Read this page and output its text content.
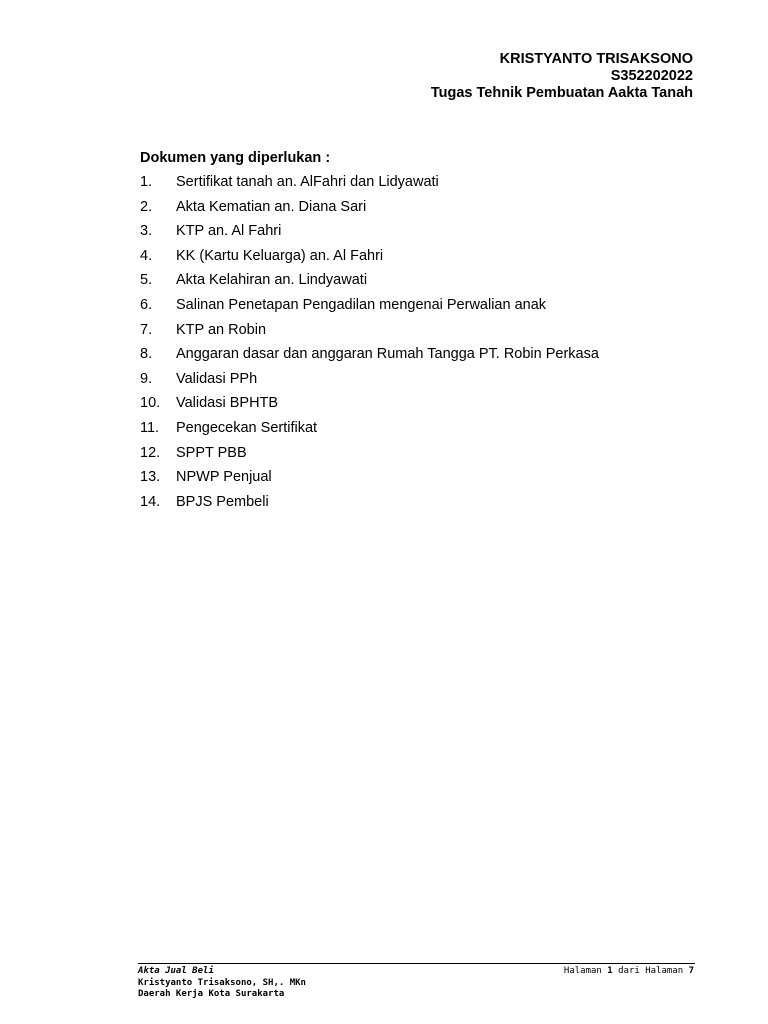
KRISTYANTO TRISAKSONO
S352202022
Tugas Tehnik Pembuatan Aakta Tanah
Dokumen yang diperlukan :
1. Sertifikat tanah an. AlFahri dan Lidyawati
2. Akta Kematian an. Diana Sari
3. KTP an. Al Fahri
4. KK (Kartu Keluarga) an. Al Fahri
5. Akta Kelahiran an. Lindyawati
6. Salinan Penetapan Pengadilan mengenai Perwalian anak
7. KTP an Robin
8. Anggaran dasar dan anggaran Rumah Tangga PT. Robin Perkasa
9. Validasi PPh
10. Validasi BPHTB
11. Pengecekan Sertifikat
12. SPPT PBB
13. NPWP Penjual
14. BPJS Pembeli
Akta Jual Beli
Kristyanto Trisaksono, SH,. MKn
Daerah Kerja Kota Surakarta
Halaman 1 dari Halaman 7
